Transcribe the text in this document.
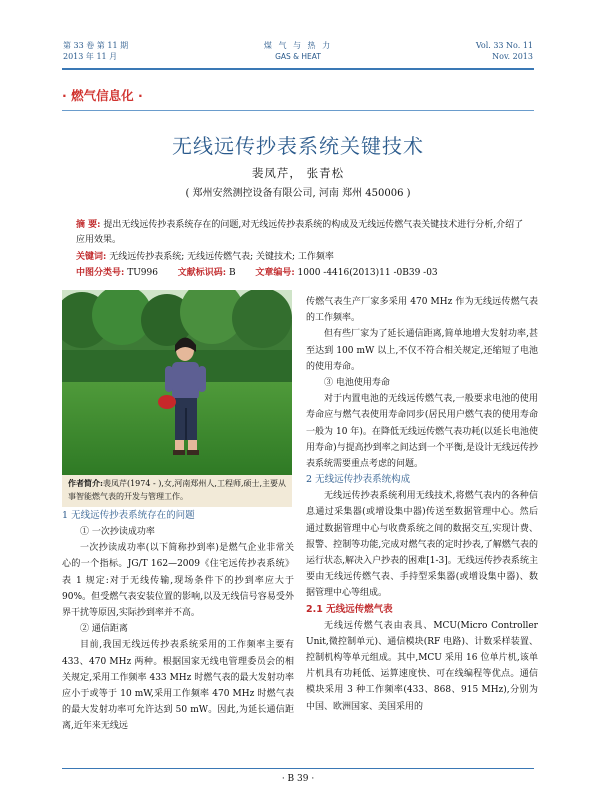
第 33 卷 第 11 期
2013 年 11 月
煤 气 与 热 力
GAS & HEAT
Vol. 33 No. 11
Nov. 2013
· 燃气信息化 ·
无线远传抄表系统关键技术
裴凤芹， 张青松
( 郑州安然测控设备有限公司, 河南 郑州 450006 )
摘 要: 提出无线远传抄表系统存在的问题,对无线远传抄表系统的构成及无线远传燃气表关键技术进行分析,介绍了应用效果。
关键词: 无线远传抄表系统; 无线远传燃气表; 关键技术; 工作频率
中图分类号: TU996 文献标识码: B 文章编号: 1000 -4416(2013)11 -0B39 -03
作者简介:裴凤芹(1974 - ),女,河南郑州人,工程师,硕士,主要从事智能燃气表的开发与管理工作。
1 无线远传抄表系统存在的问题

① 一次抄读成功率

一次抄读成功率(以下简称抄到率)是燃气企业非常关心的一个指标。JG/T 162—2009《住宅远传抄表系统》表 1 规定:对于无线传输,现场条件下的抄到率应大于 90%。但受燃气表安装位置的影响,以及无线信号容易受外界干扰等原因,实际抄到率并不高。

② 通信距离

目前,我国无线远传抄表系统采用的工作频率主要有 433、470 MHz 两种。根据国家无线电管理委员会的相关规定,采用工作频率 433 MHz 时燃气表的最大发射功率应小于或等于 10 mW,采用工作频率 470 MHz 时燃气表的最大发射功率可允许达到 50 mW。因此,为延长通信距离,近年来无线远

传燃气表生产厂家多采用 470 MHz 作为无线远传燃气表的工作频率。

但有些厂家为了延长通信距离,简单地增大发射功率,甚至达到 100 mW 以上,不仅不符合相关规定,还缩短了电池的使用寿命。

③ 电池使用寿命

对于内置电池的无线远传燃气表,一般要求电池的使用寿命应与燃气表使用寿命同步(居民用户燃气表的使用寿命一般为 10 年)。在降低无线远传燃气表功耗(以延长电池使用寿命)与提高抄到率之间达到一个平衡,是设计无线远传抄表系统需要重点考虑的问题。

2 无线远传抄表系统构成

无线远传抄表系统利用无线技术,将燃气表内的各种信息通过采集器(或增设集中器)传送至数据管理中心。然后通过数据管理中心与收费系统之间的数据交互,实现计费、报警、控制等功能,完成对燃气表的定时抄表,了解燃气表的运行状态,解决入户抄表的困难[1-3]。无线远传抄表系统主要由无线远传燃气表、手持型采集器(或增设集中器)、数据管理中心等组成。

2.1 无线远传燃气表

无线远传燃气表由表具、MCU(Micro Controller Unit,微控制单元)、通信模块(RF 电路)、计数采样装置、控制机构等单元组成。其中,MCU 采用 16 位单片机,该单片机具有功耗低、运算速度快、可在线编程等优点。通信模块采用 3 种工作频率(433、868、915 MHz),分别为中国、欧洲国家、美国采用的

· B 39 ·
